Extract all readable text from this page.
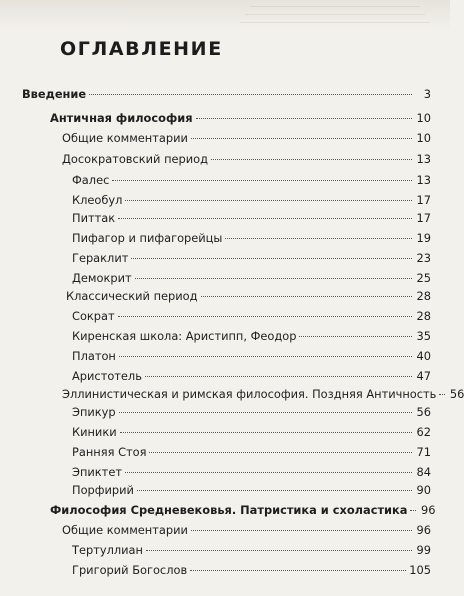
ОГЛАВЛЕНИЕ
Введение	3
Античная философия	10
Общие комментарии	10
Досократовский период	13
Фалес	13
Клеобул	17
Питтак	17
Пифагор и пифагорейцы	19
Гераклит	23
Демокрит	25
Классический период	28
Сократ	28
Киренская школа: Аристипп, Феодор	35
Платон	40
Аристотель	47
Эллинистическая и римская философия. Поздняя Античность 56
Эпикур	56
Киники	62
Ранняя Стоя	71
Эпиктет	84
Порфирий	90
Философия Средневековья. Патристика и схоластика 96
Общие комментарии	96
Тертуллиан	99
Григорий Богослов	105
